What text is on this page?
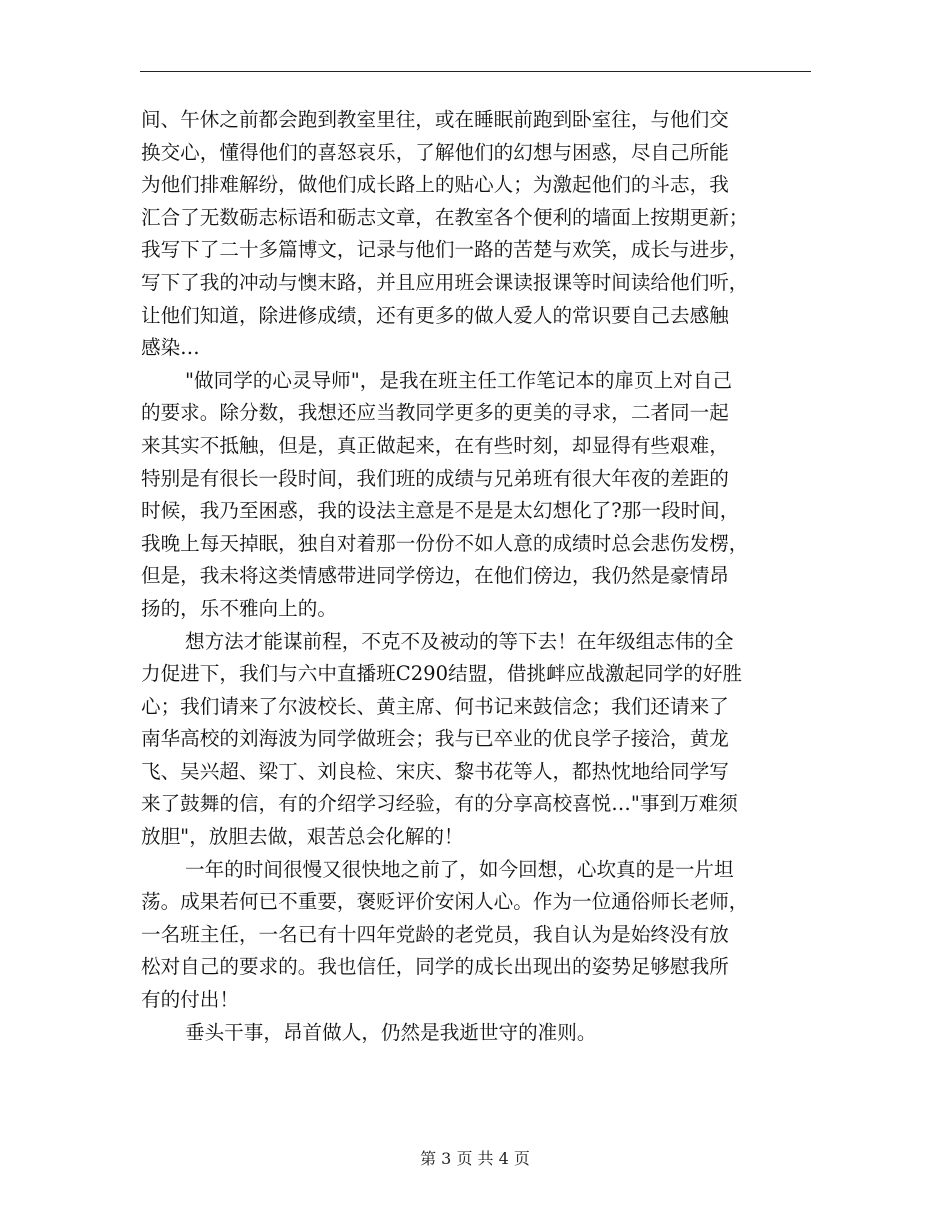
间、午休之前都会跑到教室里往，或在睡眠前跑到卧室往，与他们交
换交心，懂得他们的喜怒哀乐，了解他们的幻想与困惑，尽自己所能
为他们排难解纷，做他们成长路上的贴心人；为激起他们的斗志，我
汇合了无数砺志标语和砺志文章，在教室各个便利的墙面上按期更新；
我写下了二十多篇博文，记录与他们一路的苦楚与欢笑，成长与进步，
写下了我的冲动与懊末路，并且应用班会课读报课等时间读给他们听，
让他们知道，除进修成绩，还有更多的做人爱人的常识要自己去感触
感染…
"做同学的心灵导师"，是我在班主任工作笔记本的扉页上对自己
的要求。除分数，我想还应当教同学更多的更美的寻求，二者同一起
来其实不抵触，但是，真正做起来，在有些时刻，却显得有些艰难，
特别是有很长一段时间，我们班的成绩与兄弟班有很大年夜的差距的
时候，我乃至困惑，我的设法主意是不是是太幻想化了?那一段时间，
我晚上每天掉眠，独自对着那一份份不如人意的成绩时总会悲伤发楞，
但是，我未将这类情感带进同学傍边，在他们傍边，我仍然是豪情昂
扬的，乐不雅向上的。
想方法才能谋前程，不克不及被动的等下去！在年级组志伟的全
力促进下，我们与六中直播班C290结盟，借挑衅应战激起同学的好胜
心；我们请来了尔波校长、黄主席、何书记来鼓信念；我们还请来了
南华高校的刘海波为同学做班会；我与已卒业的优良学子接洽，黄龙
飞、吴兴超、梁丁、刘良检、宋庆、黎书花等人，都热忱地给同学写
来了鼓舞的信，有的介绍学习经验，有的分享高校喜悦…"事到万难须
放胆"，放胆去做，艰苦总会化解的！
一年的时间很慢又很快地之前了，如今回想，心坎真的是一片坦
荡。成果若何已不重要，褒贬评价安闲人心。作为一位通俗师长老师，
一名班主任，一名已有十四年党龄的老党员，我自认为是始终没有放
松对自己的要求的。我也信任，同学的成长出现出的姿势足够慰我所
有的付出！
垂头干事，昂首做人，仍然是我逝世守的准则。
第 3 页 共 4 页
